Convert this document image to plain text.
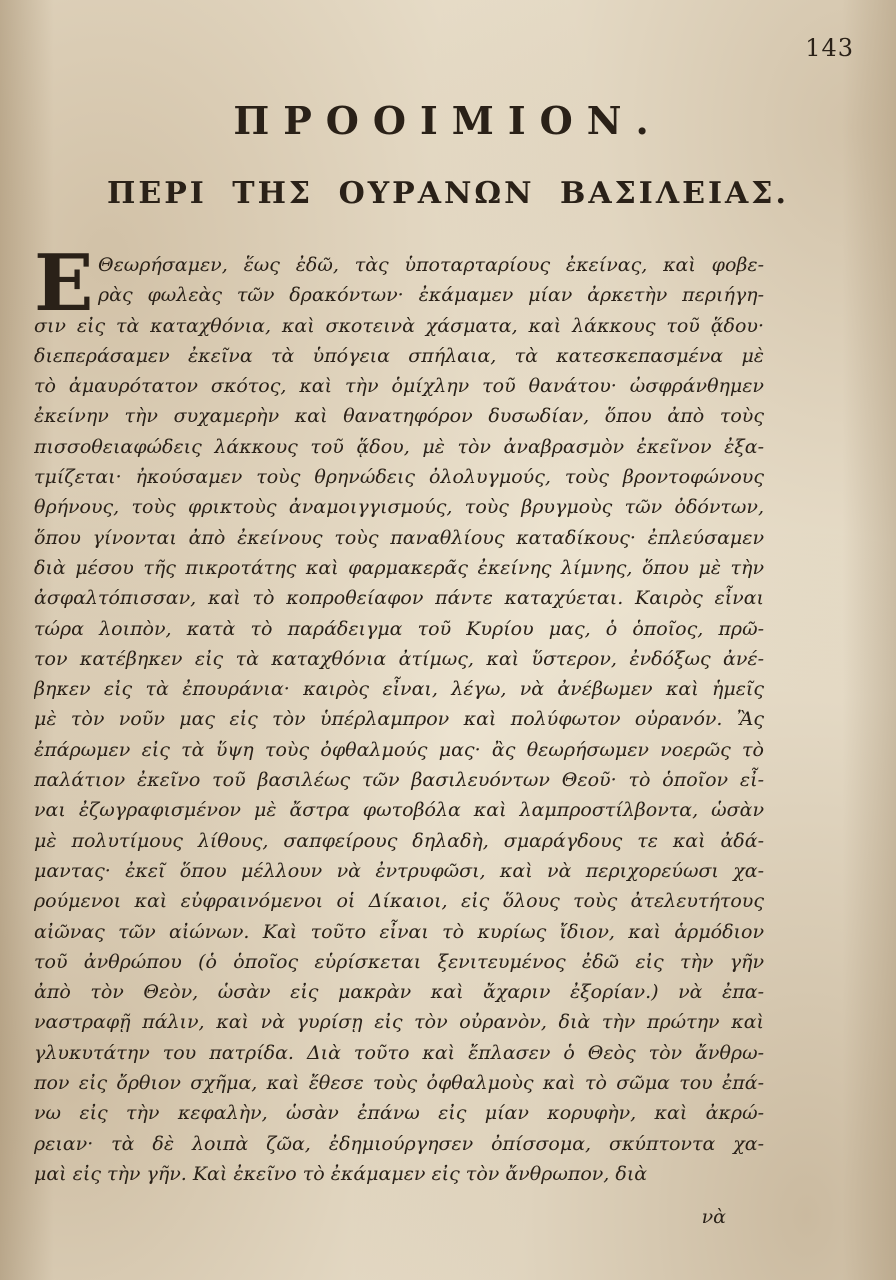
143
ΠΡΟΟΙΜΙΟΝ.
ΠΕΡΙ ΤΗΣ ΟΥΡΑΝΩΝ ΒΑΣΙΛΕΙΑΣ.
Ε Θεωρήσαμεν, ἕως ἐδῶ, τὰς ὑποταρταρίους ἐκείνας, καὶ φοβε-
ρὰς φωλεὰς τῶν δρακόντων· ἐκάμαμεν μίαν ἀρκετὴν περιήγη-
σιν εἰς τὰ καταχθόνια, καὶ σκοτεινὰ χάσματα, καὶ λάκκους τοῦ ᾅδου·
διεπεράσαμεν ἐκεῖνα τὰ ὑπόγεια σπήλαια, τὰ κατεσκεπασμένα μὲ
τὸ ἀμαυρότατον σκότος, καὶ τὴν ὁμίχλην τοῦ θανάτου· ὠσφράνθημεν
ἐκείνην τὴν συχαμερὴν καὶ θανατηφόρον δυσωδίαν, ὅπου ἀπὸ τοὺς
πισσοθειαφώδεις λάκκους τοῦ ᾅδου, μὲ τὸν ἀναβρασμὸν ἐκεῖνον ἐξα-
τμίζεται· ἠκούσαμεν τοὺς θρηνώδεις ὀλολυγμούς, τοὺς βροντοφώνους
θρήνους, τοὺς φρικτοὺς ἀναμοιγγισμούς, τοὺς βρυγμοὺς τῶν ὀδόντων,
ὅπου γίνονται ἀπὸ ἐκείνους τοὺς παναθλίους καταδίκους· ἐπλεύσαμεν
διὰ μέσου τῆς πικροτάτης καὶ φαρμακερᾶς ἐκείνης λίμνης, ὅπου μὲ τὴν
ἀσφαλτόπισσαν, καὶ τὸ κοπροθείαφον πάντε καταχύεται. Καιρὸς εἶναι
τώρα λοιπὸν, κατὰ τὸ παράδειγμα τοῦ Κυρίου μας, ὁ ὁποῖος, πρῶ-
τον κατέβηκεν εἰς τὰ καταχθόνια ἀτίμως, καὶ ὕστερον, ἐνδόξως ἀνέ-
βηκεν εἰς τὰ ἐπουράνια· καιρὸς εἶναι, λέγω, νὰ ἀνέβωμεν καὶ ἡμεῖς
μὲ τὸν νοῦν μας εἰς τὸν ὑπέρλαμπρον καὶ πολύφωτον οὐρανόν. Ἂς
ἐπάρωμεν εἰς τὰ ὕψη τοὺς ὀφθαλμούς μας· ἂς θεωρήσωμεν νοερῶς τὸ
παλάτιον ἐκεῖνο τοῦ βασιλέως τῶν βασιλευόντων Θεοῦ· τὸ ὁποῖον εἶ-
ναι ἐζωγραφισμένον μὲ ἄστρα φωτοβόλα καὶ λαμπροστίλβοντα, ὡσὰν
μὲ πολυτίμους λίθους, σαπφείρους δηλαδὴ, σμαράγδους τε καὶ ἀδά-
μαντας· ἐκεῖ ὅπου μέλλουν νὰ ἐντρυφῶσι, καὶ νὰ περιχορεύωσι χα-
ρούμενοι καὶ εὐφραινόμενοι οἱ Δίκαιοι, εἰς ὅλους τοὺς ἀτελευτήτους
αἰῶνας τῶν αἰώνων. Καὶ τοῦτο εἶναι τὸ κυρίως ἴδιον, καὶ ἁρμόδιον
τοῦ ἀνθρώπου (ὁ ὁποῖος εὑρίσκεται ξενιτευμένος ἐδῶ εἰς τὴν γῆν
ἀπὸ τὸν Θεὸν, ὡσὰν εἰς μακρὰν καὶ ἄχαριν ἐξορίαν.) νὰ ἐπα-
ναστραφῇ πάλιν, καὶ νὰ γυρίσῃ εἰς τὸν οὐρανὸν, διὰ τὴν πρώτην καὶ
γλυκυτάτην του πατρίδα. Διὰ τοῦτο καὶ ἔπλασεν ὁ Θεὸς τὸν ἄνθρω-
πον εἰς ὄρθιον σχῆμα, καὶ ἔθεσε τοὺς ὀφθαλμοὺς καὶ τὸ σῶμα του ἐπά-
νω εἰς τὴν κεφαλὴν, ὡσὰν ἐπάνω εἰς μίαν κορυφὴν, καὶ ἀκρώ-
ρειαν· τὰ δὲ λοιπὰ ζῶα, ἐδημιούργησεν ὀπίσσομα, σκύπτοντα χα-
μαὶ εἰς τὴν γῆν. Καὶ ἐκεῖνο τὸ ἐκάμαμεν εἰς τὸν ἄνθρωπον, διὰ
νὰ
